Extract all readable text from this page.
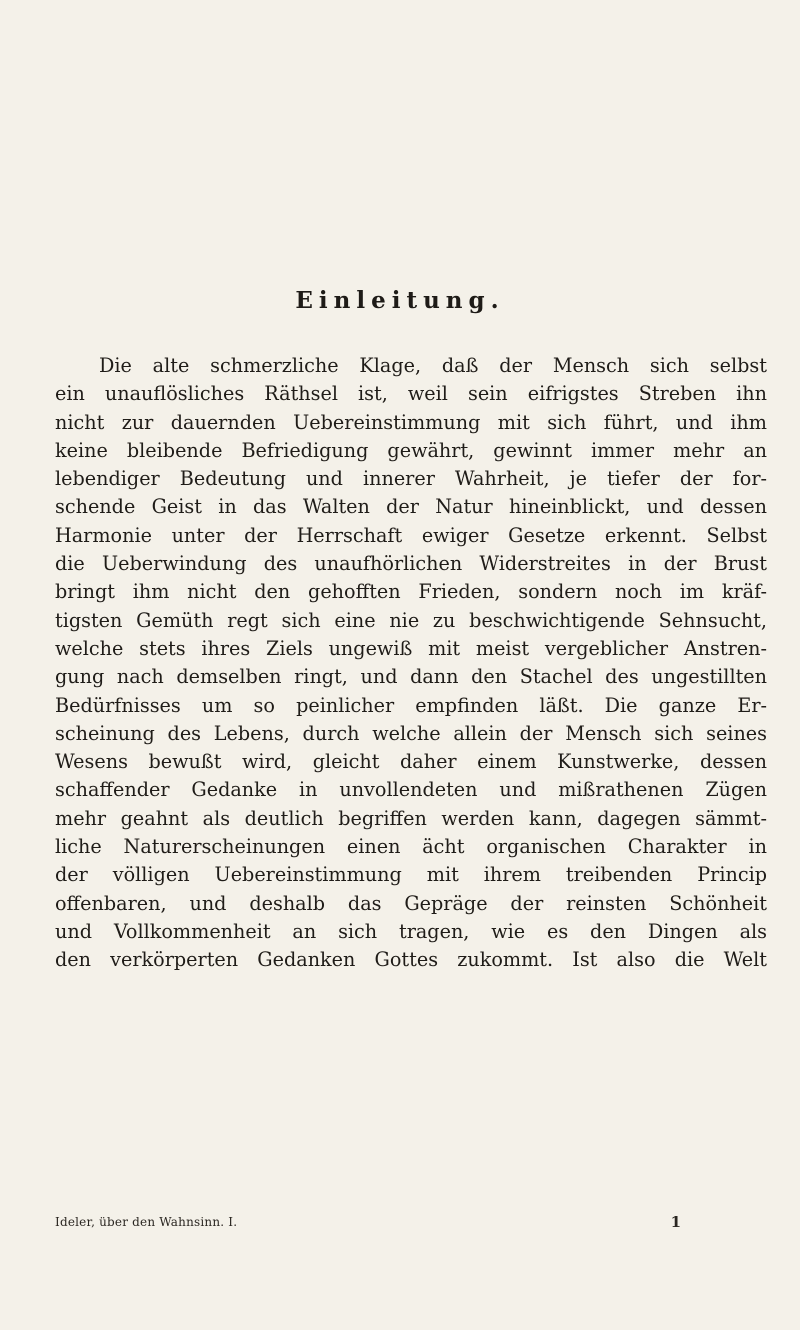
Einleitung.
Die alte schmerzliche Klage, daß der Mensch sich selbst
ein unauflösliches Räthsel ist, weil sein eifrigstes Streben ihn
nicht zur dauernden Uebereinstimmung mit sich führt, und ihm
keine bleibende Befriedigung gewährt, gewinnt immer mehr an
lebendiger Bedeutung und innerer Wahrheit, je tiefer der for-
schende Geist in das Walten der Natur hineinblickt, und dessen
Harmonie unter der Herrschaft ewiger Gesetze erkennt. Selbst
die Ueberwindung des unaufhörlichen Widerstreites in der Brust
bringt ihm nicht den gehofften Frieden, sondern noch im kräf-
tigsten Gemüth regt sich eine nie zu beschwichtigende Sehnsucht,
welche stets ihres Ziels ungewiß mit meist vergeblicher Anstren-
gung nach demselben ringt, und dann den Stachel des ungestillten
Bedürfnisses um so peinlicher empfinden läßt. Die ganze Er-
scheinung des Lebens, durch welche allein der Mensch sich seines
Wesens bewußt wird, gleicht daher einem Kunstwerke, dessen
schaffender Gedanke in unvollendeten und mißrathenen Zügen
mehr geahnt als deutlich begriffen werden kann, dagegen sämmt-
liche Naturerscheinungen einen ächt organischen Charakter in
der völligen Uebereinstimmung mit ihrem treibenden Princip
offenbaren, und deshalb das Gepräge der reinsten Schönheit
und Vollkommenheit an sich tragen, wie es den Dingen als
den verkörperten Gedanken Gottes zukommt. Ist also die Welt
Ideler, über den Wahnsinn. I.	1
